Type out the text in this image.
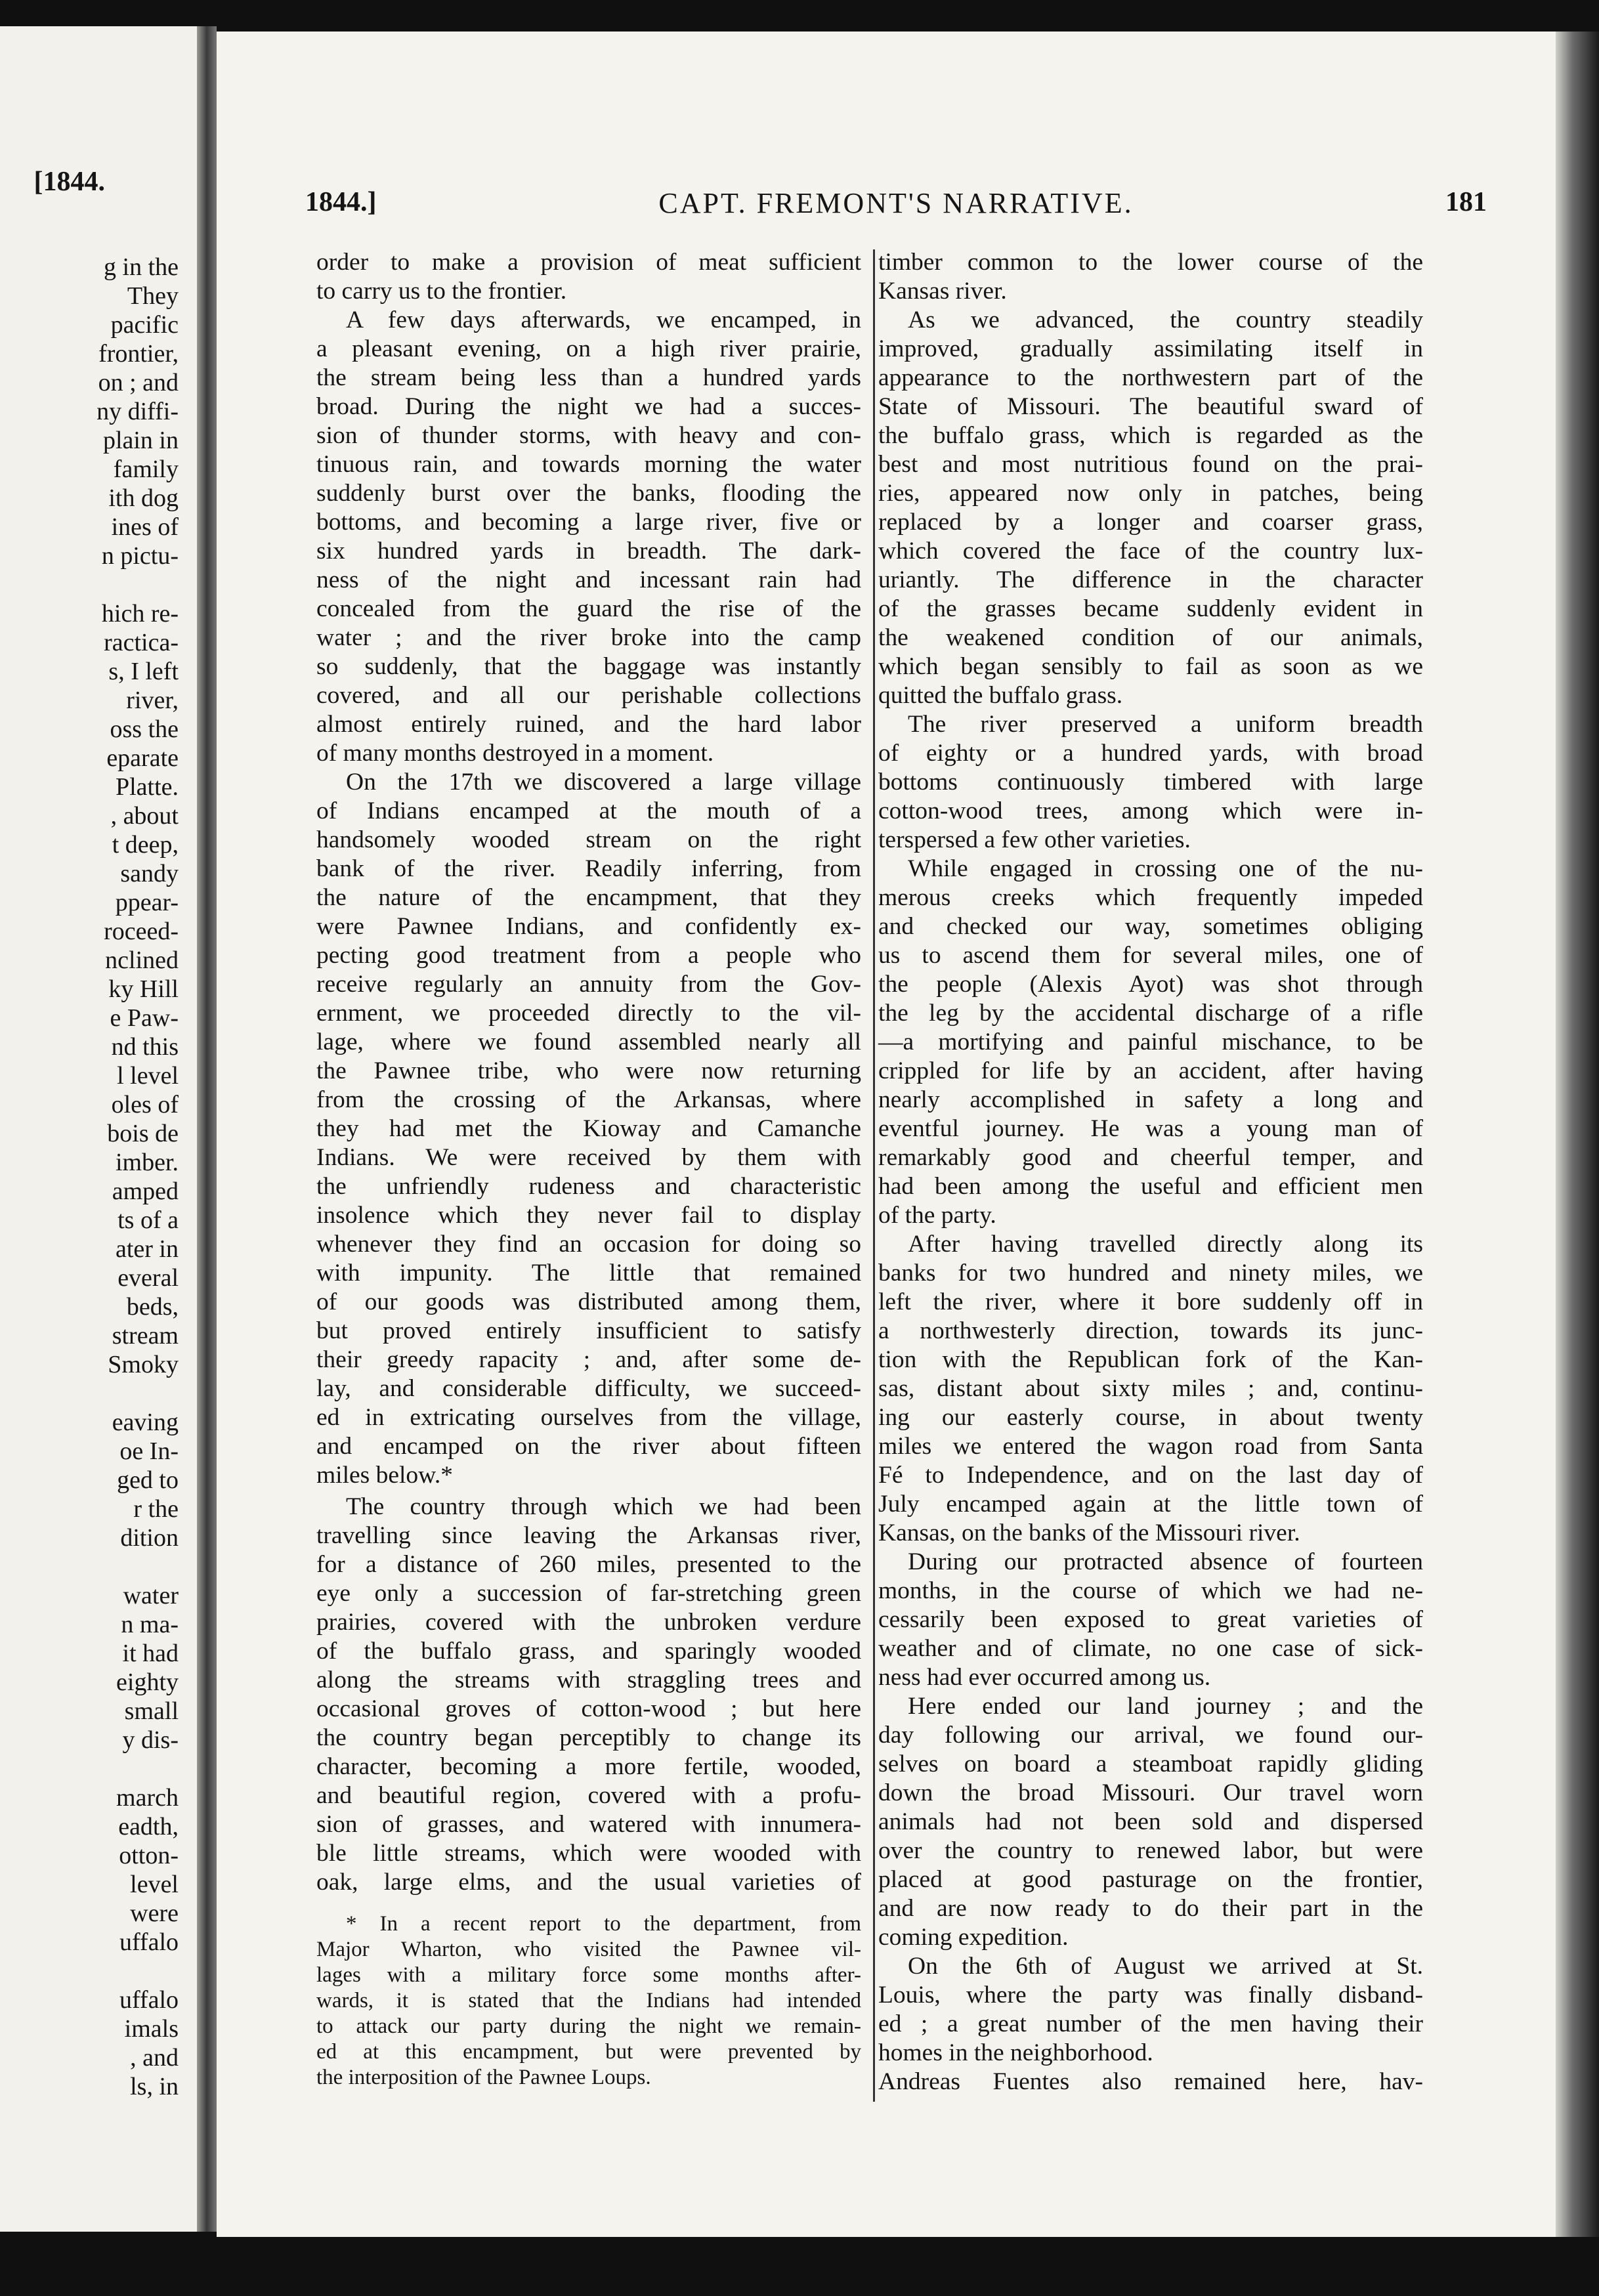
[1844.
g in the
They
pacific
frontier,
on ; and
ny diffi-
plain in
family
ith dog
ines of
n pictu-
hich re-
ractica-
s, I left
river,
oss the
eparate
Platte.
, about
t deep,
sandy
ppear-
roceed-
nclined
ky Hill
e Paw-
nd this
l level
oles of
bois de
imber.
amped
ts of a
ater in
everal
beds,
stream
Smoky
eaving
oe In-
ged to
r the
dition
water
n ma-
it had
eighty
small
y dis-
march
eadth,
otton-
level
were
uffalo
uffalo
imals
, and
ls, in
1844.]	CAPT. FREMONT'S NARRATIVE.	181
order to make a provision of meat sufficient
to carry us to the frontier.
A few days afterwards, we encamped, in
a pleasant evening, on a high river prairie,
the stream being less than a hundred yards
broad. During the night we had a succes-
sion of thunder storms, with heavy and con-
tinuous rain, and towards morning the water
suddenly burst over the banks, flooding the
bottoms, and becoming a large river, five or
six hundred yards in breadth. The dark-
ness of the night and incessant rain had
concealed from the guard the rise of the
water ; and the river broke into the camp
so suddenly, that the baggage was instantly
covered, and all our perishable collections
almost entirely ruined, and the hard labor
of many months destroyed in a moment.
On the 17th we discovered a large village
of Indians encamped at the mouth of a
handsomely wooded stream on the right
bank of the river. Readily inferring, from
the nature of the encampment, that they
were Pawnee Indians, and confidently ex-
pecting good treatment from a people who
receive regularly an annuity from the Gov-
ernment, we proceeded directly to the vil-
lage, where we found assembled nearly all
the Pawnee tribe, who were now returning
from the crossing of the Arkansas, where
they had met the Kioway and Camanche
Indians. We were received by them with
the unfriendly rudeness and characteristic
insolence which they never fail to display
whenever they find an occasion for doing so
with impunity. The little that remained
of our goods was distributed among them,
but proved entirely insufficient to satisfy
their greedy rapacity ; and, after some de-
lay, and considerable difficulty, we succeed-
ed in extricating ourselves from the village,
and encamped on the river about fifteen
miles below.*
The country through which we had been
travelling since leaving the Arkansas river,
for a distance of 260 miles, presented to the
eye only a succession of far-stretching green
prairies, covered with the unbroken verdure
of the buffalo grass, and sparingly wooded
along the streams with straggling trees and
occasional groves of cotton-wood ; but here
the country began perceptibly to change its
character, becoming a more fertile, wooded,
and beautiful region, covered with a profu-
sion of grasses, and watered with innumera-
ble little streams, which were wooded with
oak, large elms, and the usual varieties of
* In a recent report to the department, from
Major Wharton, who visited the Pawnee vil-
lages with a military force some months after-
wards, it is stated that the Indians had intended
to attack our party during the night we remain-
ed at this encampment, but were prevented by
the interposition of the Pawnee Loups.
timber common to the lower course of the
Kansas river.
As we advanced, the country steadily
improved, gradually assimilating itself in
appearance to the northwestern part of the
State of Missouri. The beautiful sward of
the buffalo grass, which is regarded as the
best and most nutritious found on the prai-
ries, appeared now only in patches, being
replaced by a longer and coarser grass,
which covered the face of the country lux-
uriantly. The difference in the character
of the grasses became suddenly evident in
the weakened condition of our animals,
which began sensibly to fail as soon as we
quitted the buffalo grass.
The river preserved a uniform breadth
of eighty or a hundred yards, with broad
bottoms continuously timbered with large
cotton-wood trees, among which were in-
terspersed a few other varieties.
While engaged in crossing one of the nu-
merous creeks which frequently impeded
and checked our way, sometimes obliging
us to ascend them for several miles, one of
the people (Alexis Ayot) was shot through
the leg by the accidental discharge of a rifle
—a mortifying and painful mischance, to be
crippled for life by an accident, after having
nearly accomplished in safety a long and
eventful journey. He was a young man of
remarkably good and cheerful temper, and
had been among the useful and efficient men
of the party.
After having travelled directly along its
banks for two hundred and ninety miles, we
left the river, where it bore suddenly off in
a northwesterly direction, towards its junc-
tion with the Republican fork of the Kan-
sas, distant about sixty miles ; and, continu-
ing our easterly course, in about twenty
miles we entered the wagon road from Santa
Fé to Independence, and on the last day of
July encamped again at the little town of
Kansas, on the banks of the Missouri river.
During our protracted absence of fourteen
months, in the course of which we had ne-
cessarily been exposed to great varieties of
weather and of climate, no one case of sick-
ness had ever occurred among us.
Here ended our land journey ; and the
day following our arrival, we found our-
selves on board a steamboat rapidly gliding
down the broad Missouri. Our travel worn
animals had not been sold and dispersed
over the country to renewed labor, but were
placed at good pasturage on the frontier,
and are now ready to do their part in the
coming expedition.
On the 6th of August we arrived at St.
Louis, where the party was finally disband-
ed ; a great number of the men having their
homes in the neighborhood.
Andreas Fuentes also remained here, hav-
